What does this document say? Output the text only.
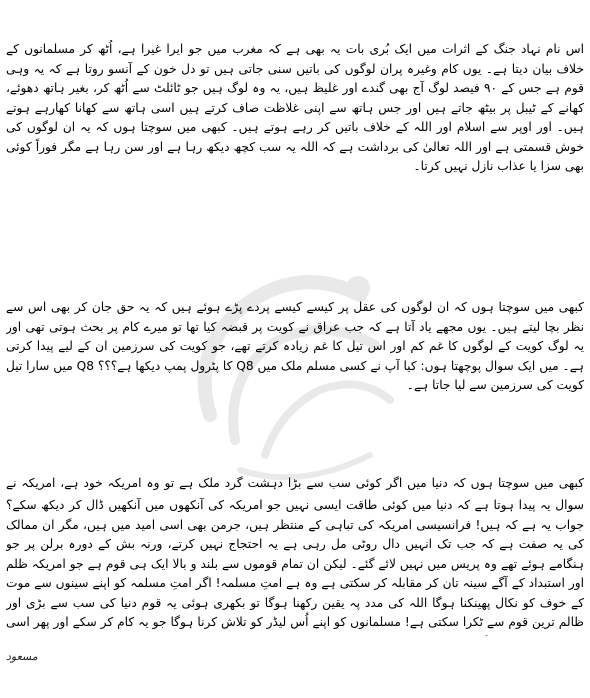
اس نام نہاد جنگ کے اثرات میں ایک بُری بات یہ بھی ہے کہ مغرب میں جو ایرا غیرا ہے، اُٹھ کر مسلمانوں کے خلاف بیان دیتا ہے۔ یوں کام وغیرہ پران لوگوں کی باتیں سنی جاتی ہیں تو دل خون کے آنسو روتا ہے کہ یہ وہی قوم ہے جس کے ۹۰ فیصد لوگ آج بھی گندے اور غلیظ ہیں، یہ وہ لوگ ہیں جو ٹائلٹ سے اُٹھ کر، بغیر ہاتھ دھوئے، کھانے کے ٹیبل پر بیٹھ جاتے ہیں اور جس ہاتھ سے اپنی غلاظت صاف کرتے ہیں اسی ہاتھ سے کھانا کھارہے ہوتے ہیں۔ اور اوپر سے اسلام اور اللہ کے خلاف باتیں کر رہے ہوتے ہیں۔ کبھی میں سوچتا ہوں کہ یہ ان لوگوں کی خوش قسمتی ہے اور اللہ تعالیٰ کی برداشت ہے کہ اللہ یہ سب کچھ دیکھ رہا ہے اور سن رہا ہے مگر فوراً کوئی بھی سزا یا عذاب نازل نہیں کرتا۔

کبھی میں سوچتا ہوں کہ ان لوگوں کی عقل پر کیسے کیسے پردے پڑے ہوئے ہیں کہ یہ حق جان کر بھی اس سے نظر بچا لیتے ہیں۔ یوں مجھے یاد آتا ہے کہ جب عراق نے کویت پر قبضہ کیا تھا تو میرے کام پر بحث ہوتی تھی اور یہ لوگ کویت کے لوگوں کا غم کم اور اس تیل کا غم زیادہ کرتے تھے، جو کویت کی سرزمین ان کے لیے پیدا کرتی ہے۔ میں ایک سوال پوچھتا ہوں: کیا آپ نے کسی مسلم ملک میں Q8 کا پٹرول پمپ دیکھا ہے؟؟؟ Q8 میں سارا تیل کویت کی سرزمین سے لیا جاتا ہے۔

کبھی میں سوچتا ہوں کہ دنیا میں اگر کوئی سب سے بڑا دہشت گرد ملک ہے تو وہ امریکہ خود ہے، امریکہ نے

سوال یہ پیدا ہوتا ہے کہ دنیا میں کوئی طاقت ایسی نہیں جو امریکہ کی آنکھوں میں آنکھیں ڈال کر دیکھ سکے؟ جواب یہ ہے کہ ہیں! فرانسیسی امریکہ کی تباہی کے منتظر ہیں، جرمن بھی اسی امید میں ہیں، مگر ان ممالک کی یہ صفت ہے کہ جب تک انہیں دال روٹی مل رہی ہے یہ احتجاج نہیں کرتے، ورنہ بش کے دورہ برلن پر جو ہنگامے ہوئے تھے وہ پریس میں نہیں لائے گئے۔ لیکن ان تمام قوموں سے بلند و بالا ایک ہی قوم ہے جو امریکہ ظلم اور استبداد کے آگے سینہ تان کر مقابلہ کر سکتی ہے وہ ہے امتِ مسلمہ! اگر امتِ مسلمہ کو اپنے سینوں سے موت کے خوف کو نکال پھینکنا ہوگا اللہ کی مدد پہ یقین رکھنا ہوگا تو بکھری ہوئی یہ قوم دنیا کی سب سے بڑی اور ظالم ترین قوم سے ٹکرا سکتی ہے! مسلمانوں کو اپنے اُس لیڈر کو تلاش کرنا ہوگا جو یہ کام کر سکے اور پھر اسی

مسعود
